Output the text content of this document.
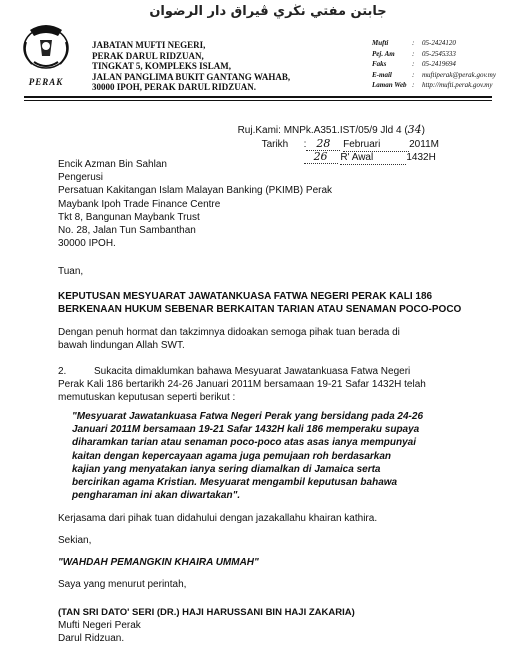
جابتن مفتي نڬري ڤيراق دار الرضوان
PERAK
JABATAN MUFTI NEGERI,
PERAK DARUL RIDZUAN,
TINGKAT 5, KOMPLEKS ISLAM,
JALAN PANGLIMA BUKIT GANTANG WAHAB,
30000 IPOH, PERAK DARUL RIDZUAN.
Mufti	: 05-2424120
Pej. Am : 05-2545333
Faks	: 05-2419694
E-mail	: muftiperak@perak.gov.my
Laman Web : http://mufti.perak.gov.my

Ruj.Kami: MNPk.A351.IST/05/9 Jld 4 (34)

Tarikh : 28 Februari	2011M

26 R' Awal	1432H

Encik Azman Bin Sahlan
Pengerusi
Persatuan Kakitangan Islam Malayan Banking (PKIMB) Perak
Maybank Ipoh Trade Finance Centre
Tkt 8, Bangunan Maybank Trust
No. 28, Jalan Tun Sambanthan
30000 IPOH.
Tuan,
KEPUTUSAN MESYUARAT JAWATANKUASA FATWA NEGERI PERAK KALI 186
BERKENAAN HUKUM SEBENAR BERKAITAN TARIAN ATAU SENAMAN POCO-POCO
Dengan penuh hormat dan takzimnya didoakan semoga pihak tuan berada di
bawah lindungan Allah SWT.
2.	Sukacita dimaklumkan bahawa Mesyuarat Jawatankuasa Fatwa Negeri
Perak Kali 186 bertarikh 24-26 Januari 2011M bersamaan 19-21 Safar 1432H telah
memutuskan keputusan seperti berikut :
"Mesyuarat Jawatankuasa Fatwa Negeri Perak yang bersidang pada 24-26
Januari 2011M bersamaan 19-21 Safar 1432H kali 186 memperaku supaya
diharamkan tarian atau senaman poco-poco atas asas ianya mempunyai
kaitan dengan kepercayaan agama juga pemujaan roh berdasarkan
kajian yang menyatakan ianya sering diamalkan di Jamaica serta
bercirikan agama Kristian. Mesyuarat mengambil keputusan bahawa
pengharaman ini akan diwartakan".
Kerjasama dari pihak tuan didahului dengan jazakallahu khairan kathira.
Sekian,
"WAHDAH PEMANGKIN KHAIRA UMMAH"
Saya yang menurut perintah,
(TAN SRI DATO' SERI (DR.) HAJI HARUSSANI BIN HAJI ZAKARIA)
Mufti Negeri Perak
Darul Ridzuan.
